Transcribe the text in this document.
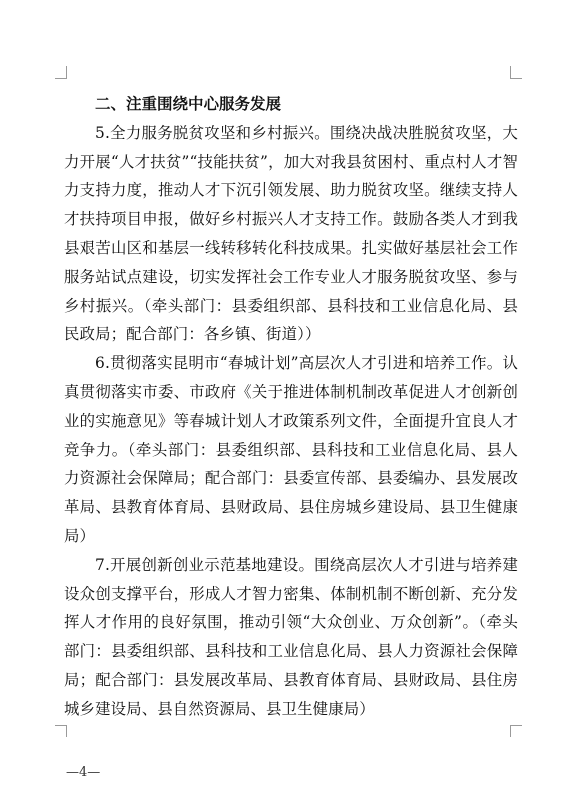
二、注重围绕中心服务发展

5.全力服务脱贫攻坚和乡村振兴。围绕决战决胜脱贫攻坚，大力开展“人才扶贫”“技能扶贫”，加大对我县贫困村、重点村人才智力支持力度，推动人才下沉引领发展、助力脱贫攻坚。继续支持人才扶持项目申报，做好乡村振兴人才支持工作。鼓励各类人才到我县艰苦山区和基层一线转移转化科技成果。扎实做好基层社会工作服务站试点建设，切实发挥社会工作专业人才服务脱贫攻坚、参与乡村振兴。（牵头部门：县委组织部、县科技和工业信息化局、县民政局；配合部门：各乡镇、街道））

6.贯彻落实昆明市“春城计划”高层次人才引进和培养工作。认真贯彻落实市委、市政府《关于推进体制机制改革促进人才创新创业的实施意见》等春城计划人才政策系列文件，全面提升宜良人才竞争力。（牵头部门：县委组织部、县科技和工业信息化局、县人力资源社会保障局；配合部门：县委宣传部、县委编办、县发展改革局、县教育体育局、县财政局、县住房城乡建设局、县卫生健康局）

7.开展创新创业示范基地建设。围绕高层次人才引进与培养建设众创支撑平台，形成人才智力密集、体制机制不断创新、充分发挥人才作用的良好氛围，推动引领“大众创业、万众创新”。（牵头部门：县委组织部、县科技和工业信息化局、县人力资源社会保障局；配合部门：县发展改革局、县教育体育局、县财政局、县住房城乡建设局、县自然资源局、县卫生健康局）

—4—
